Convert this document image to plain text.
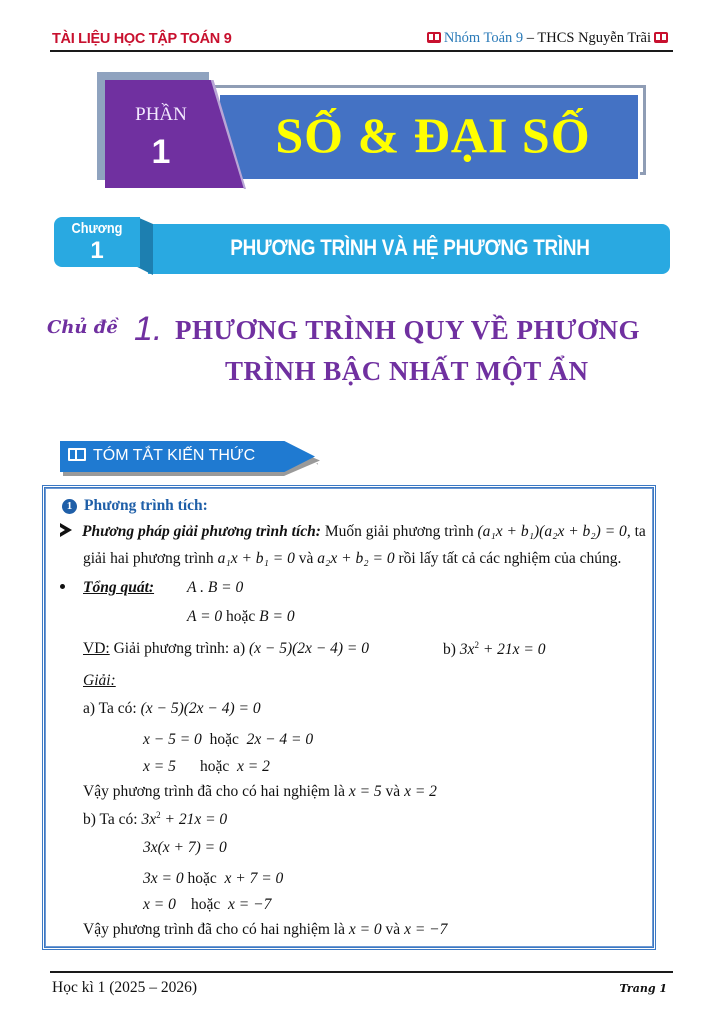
TÀI LIỆU HỌC TẬP TOÁN 9	Nhóm Toán 9 – THCS Nguyễn Trãi
PHẦN
1	SỐ & ĐẠI SỐ
Chương
1	PHƯƠNG TRÌNH VÀ HỆ PHƯƠNG TRÌNH
Chủ đề 1. PHƯƠNG TRÌNH QUY VỀ PHƯƠNG
TRÌNH BẬC NHẤT MỘT ẨN
TÓM TẮT KIẾN THỨC
`
1 Phương trình tích:
Phương pháp giải phương trình tích: Muốn giải phương trình (a₁x + b₁)(a₂x + b₂) = 0, ta
giải hai phương trình a₁x + b₁ = 0 và a₂x + b₂ = 0 rồi lấy tất cả các nghiệm của chúng.
Tổng quát: A . B = 0
A = 0 hoặc B = 0
VD: Giải phương trình: a) (x − 5)(2x − 4) = 0	b) $3x^2 + 21x = 0$
Giải:
a) Ta có: (x − 5)(2x − 4) = 0
x − 5 = 0 hoặc 2x − 4 = 0
x = 5 hoặc x = 2
Vậy phương trình đã cho có hai nghiệm là x = 5 và x = 2
b) Ta có: $3x^2 + 21x = 0$
3x(x + 7) = 0
3x = 0 hoặc x + 7 = 0
x = 0 hoặc x = −7
Vậy phương trình đã cho có hai nghiệm là x = 0 và x = −7
Học kì 1 (2025 – 2026)	Trang 1
